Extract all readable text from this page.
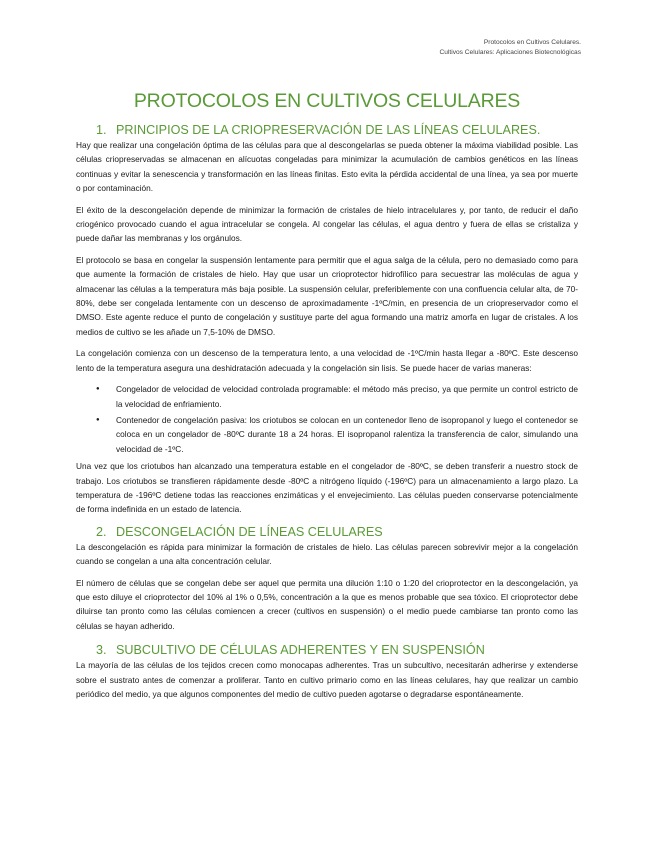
Protocolos en Cultivos Celulares.
Cultivos Celulares: Aplicaciones Biotecnológicas
PROTOCOLOS EN CULTIVOS CELULARES
1. PRINCIPIOS DE LA CRIOPRESERVACIÓN DE LAS LÍNEAS CELULARES.

Hay que realizar una congelación óptima de las células para que al descongelarlas se pueda obtener la máxima viabilidad posible. Las células criopreservadas se almacenan en alícuotas congeladas para minimizar la acumulación de cambios genéticos en las líneas continuas y evitar la senescencia y transformación en las líneas finitas. Esto evita la pérdida accidental de una línea, ya sea por muerte o por contaminación.

El éxito de la descongelación depende de minimizar la formación de cristales de hielo intracelulares y, por tanto, de reducir el daño criogénico provocado cuando el agua intracelular se congela. Al congelar las células, el agua dentro y fuera de ellas se cristaliza y puede dañar las membranas y los orgánulos.

El protocolo se basa en congelar la suspensión lentamente para permitir que el agua salga de la célula, pero no demasiado como para que aumente la formación de cristales de hielo. Hay que usar un crioprotector hidrofílico para secuestrar las moléculas de agua y almacenar las células a la temperatura más baja posible. La suspensión celular, preferiblemente con una confluencia celular alta, de 70-80%, debe ser congelada lentamente con un descenso de aproximadamente -1ºC/min, en presencia de un criopreservador como el DMSO. Este agente reduce el punto de congelación y sustituye parte del agua formando una matriz amorfa en lugar de cristales. A los medios de cultivo se les añade un 7,5-10% de DMSO.

La congelación comienza con un descenso de la temperatura lento, a una velocidad de -1ºC/min hasta llegar a -80ºC. Este descenso lento de la temperatura asegura una deshidratación adecuada y la congelación sin lisis. Se puede hacer de varias maneras:

● Congelador de velocidad de velocidad controlada programable: el método más preciso, ya que permite un control estricto de la velocidad de enfriamiento.
● Contenedor de congelación pasiva: los criotubos se colocan en un contenedor lleno de isopropanol y luego el contenedor se coloca en un congelador de -80ºC durante 18 a 24 horas. El isopropanol ralentiza la transferencia de calor, simulando una velocidad de -1ºC.

Una vez que los criotubos han alcanzado una temperatura estable en el congelador de -80ºC, se deben transferir a nuestro stock de trabajo. Los criotubos se transfieren rápidamente desde -80ºC a nitrógeno líquido (-196ºC) para un almacenamiento a largo plazo. La temperatura de -196ºC detiene todas las reacciones enzimáticas y el envejecimiento. Las células pueden conservarse potencialmente de forma indefinida en un estado de latencia.

2. DESCONGELACIÓN DE LÍNEAS CELULARES

La descongelación es rápida para minimizar la formación de cristales de hielo. Las células parecen sobrevivir mejor a la congelación cuando se congelan a una alta concentración celular.

El número de células que se congelan debe ser aquel que permita una dilución 1:10 o 1:20 del crioprotector en la descongelación, ya que esto diluye el crioprotector del 10% al 1% o 0,5%, concentración a la que es menos probable que sea tóxico. El crioprotector debe diluirse tan pronto como las células comiencen a crecer (cultivos en suspensión) o el medio puede cambiarse tan pronto como las células se hayan adherido.

3. SUBCULTIVO DE CÉLULAS ADHERENTES Y EN SUSPENSIÓN

La mayoría de las células de los tejidos crecen como monocapas adherentes. Tras un subcultivo, necesitarán adherirse y extenderse sobre el sustrato antes de comenzar a proliferar. Tanto en cultivo primario como en las líneas celulares, hay que realizar un cambio periódico del medio, ya que algunos componentes del medio de cultivo pueden agotarse o degradarse espontáneamente.
